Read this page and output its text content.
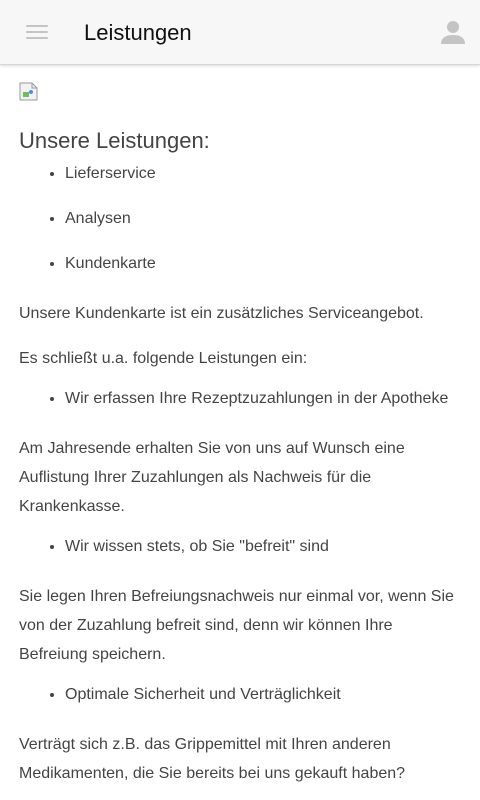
Leistungen
Unsere Leistungen:
• Lieferservice
• Analysen
• Kundenkarte

Unsere Kundenkarte ist ein zusätzliches Serviceangebot.

Es schließt u.a. folgende Leistungen ein:

• Wir erfassen Ihre Rezeptzuzahlungen in der Apotheke

Am Jahresende erhalten Sie von uns auf Wunsch eine Auflistung Ihrer Zuzahlungen als Nachweis für die Krankenkasse.

• Wir wissen stets, ob Sie "befreit" sind

Sie legen Ihren Befreiungsnachweis nur einmal vor, wenn Sie von der Zuzahlung befreit sind, denn wir können Ihre Befreiung speichern.

• Optimale Sicherheit und Verträglichkeit

Verträgt sich z.B. das Grippemittel mit Ihren anderen Medikamenten, die Sie bereits bei uns gekauft haben?
